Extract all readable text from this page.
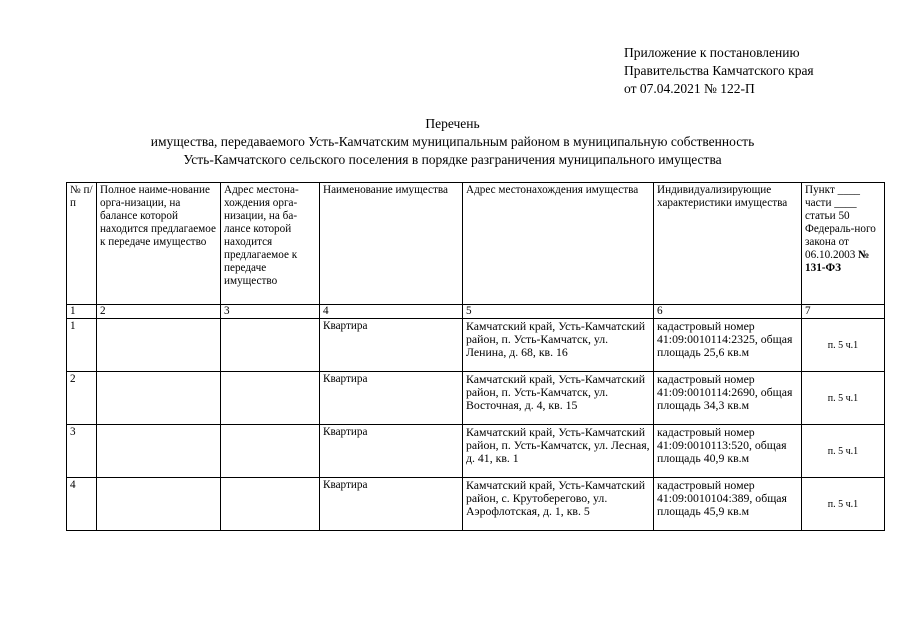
Приложение к постановлению
Правительства Камчатского края
от 07.04.2021 № 122-П
Перечень
имущества, передаваемого Усть-Камчатским муниципальным районом в муниципальную собственность
Усть-Камчатского сельского поселения в порядке разграничения муниципального имущества
№ п/п	Полное наиме-нование орга-низации, на балансе которой находится предлагаемое к передаче имущество	Адрес местона-хождения орга-низации, на ба-лансе которой находится предлагаемое к передаче имущество	Наименование имущества	Адрес местонахождения имущества	Индивидуализирующие характеристики имущества	Пункт ____ части ____ статьи 50 Федераль-ного закона от 06.10.2003 № 131-ФЗ
1	2	3	4	5	6	7
1			Квартира	Камчатский край, Усть-Камчатский район, п. Усть-Камчатск, ул. Ленина, д. 68, кв. 16	кадастровый номер 41:09:0010114:2325, общая площадь 25,6 кв.м	п. 5 ч.1
2			Квартира	Камчатский край, Усть-Камчатский район, п. Усть-Камчатск, ул. Восточная, д. 4, кв. 15	кадастровый номер 41:09:0010114:2690, общая площадь 34,3 кв.м	п. 5 ч.1
3			Квартира	Камчатский край, Усть-Камчатский район, п. Усть-Камчатск, ул. Лесная, д. 41, кв. 1	кадастровый номер 41:09:0010113:520, общая площадь 40,9 кв.м	п. 5 ч.1
4			Квартира	Камчатский край, Усть-Камчатский район, с. Крутоберегово, ул. Аэрофлотская, д. 1, кв. 5	кадастровый номер 41:09:0010104:389, общая площадь 45,9 кв.м	п. 5 ч.1
